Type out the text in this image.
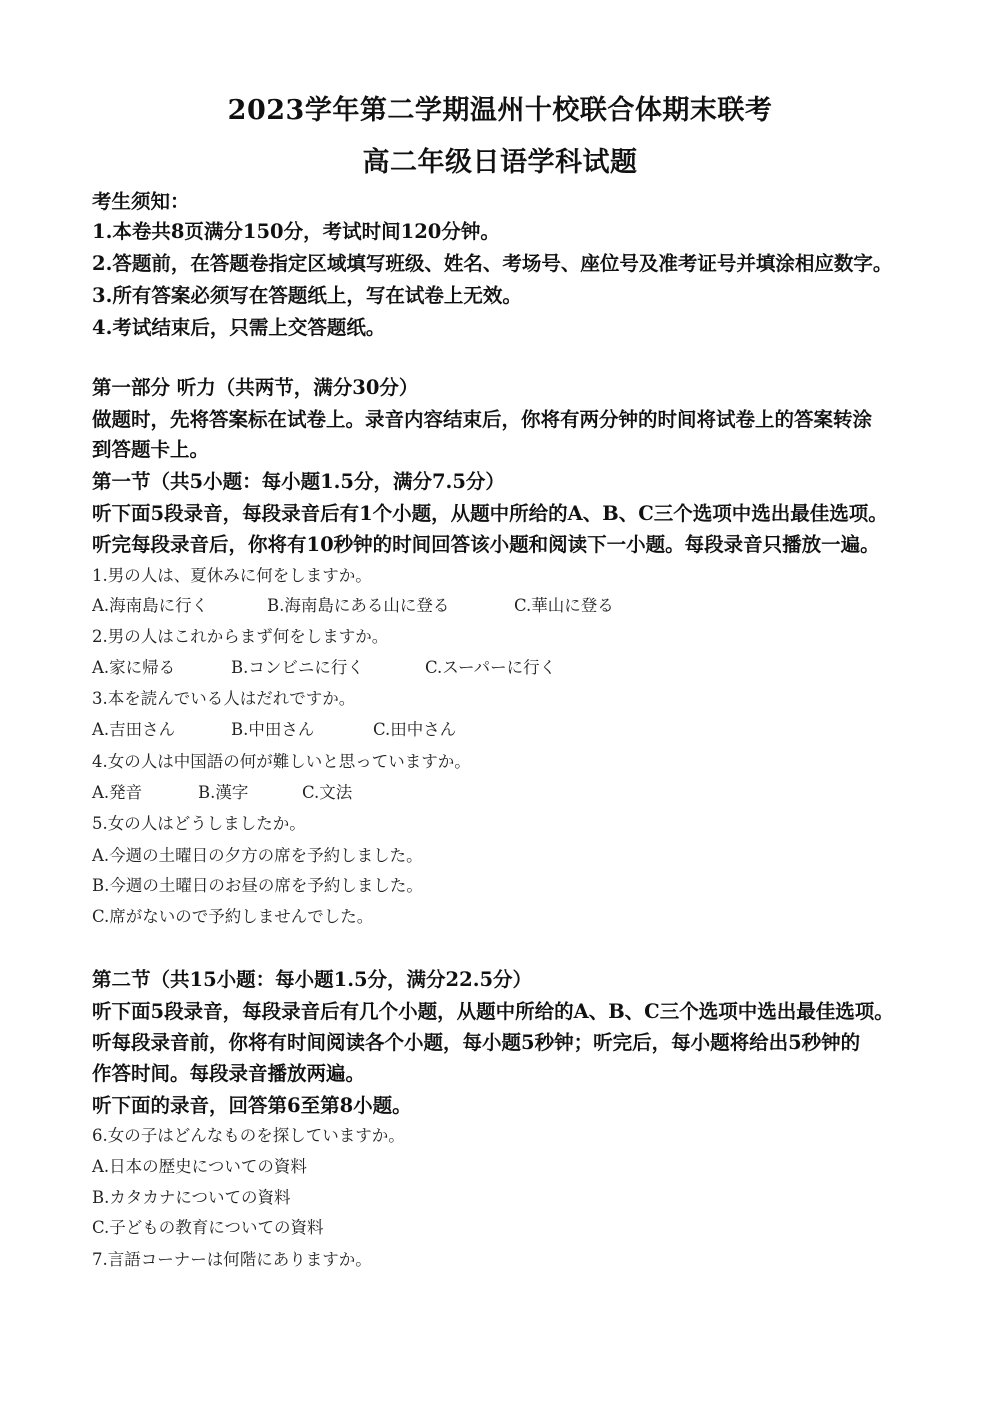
2023学年第二学期温州十校联合体期末联考
高二年级日语学科试题
考生须知：
1.本卷共8页满分150分，考试时间120分钟。
2.答题前，在答题卷指定区域填写班级、姓名、考场号、座位号及准考证号并填涂相应数字。
3.所有答案必须写在答题纸上，写在试卷上无效。
4.考试结束后，只需上交答题纸。
第一部分 听力（共两节，满分30分）
做题时，先将答案标在试卷上。录音内容结束后，你将有两分钟的时间将试卷上的答案转涂
到答题卡上。
第一节（共5小题：每小题1.5分，满分7.5分）
听下面5段录音，每段录音后有1个小题，从题中所给的A、B、C三个选项中选出最佳选项。
听完每段录音后，你将有10秒钟的时间回答该小题和阅读下一小题。每段录音只播放一遍。
1.男の人は、夏休みに何をしますか。
A.海南島に行く	B.海南島にある山に登る	C.華山に登る
2.男の人はこれからまず何をしますか。
A.家に帰る	B.コンビニに行く	C.スーパーに行く
3.本を読んでいる人はだれですか。
A.吉田さん	B.中田さん	C.田中さん
4.女の人は中国語の何が難しいと思っていますか。
A.発音	B.漢字	C.文法
5.女の人はどうしましたか。
A.今週の土曜日の夕方の席を予約しました。
B.今週の土曜日のお昼の席を予約しました。
C.席がないので予約しませんでした。
第二节（共15小题：每小题1.5分，满分22.5分）
听下面5段录音，每段录音后有几个小题，从题中所给的A、B、C三个选项中选出最佳选项。
听每段录音前，你将有时间阅读各个小题，每小题5秒钟；听完后，每小题将给出5秒钟的
作答时间。每段录音播放两遍。
听下面的录音，回答第6至第8小题。
6.女の子はどんなものを探していますか。
A.日本の歴史についての資料
B.カタカナについての資料
C.子どもの教育についての資料
7.言語コーナーは何階にありますか。
